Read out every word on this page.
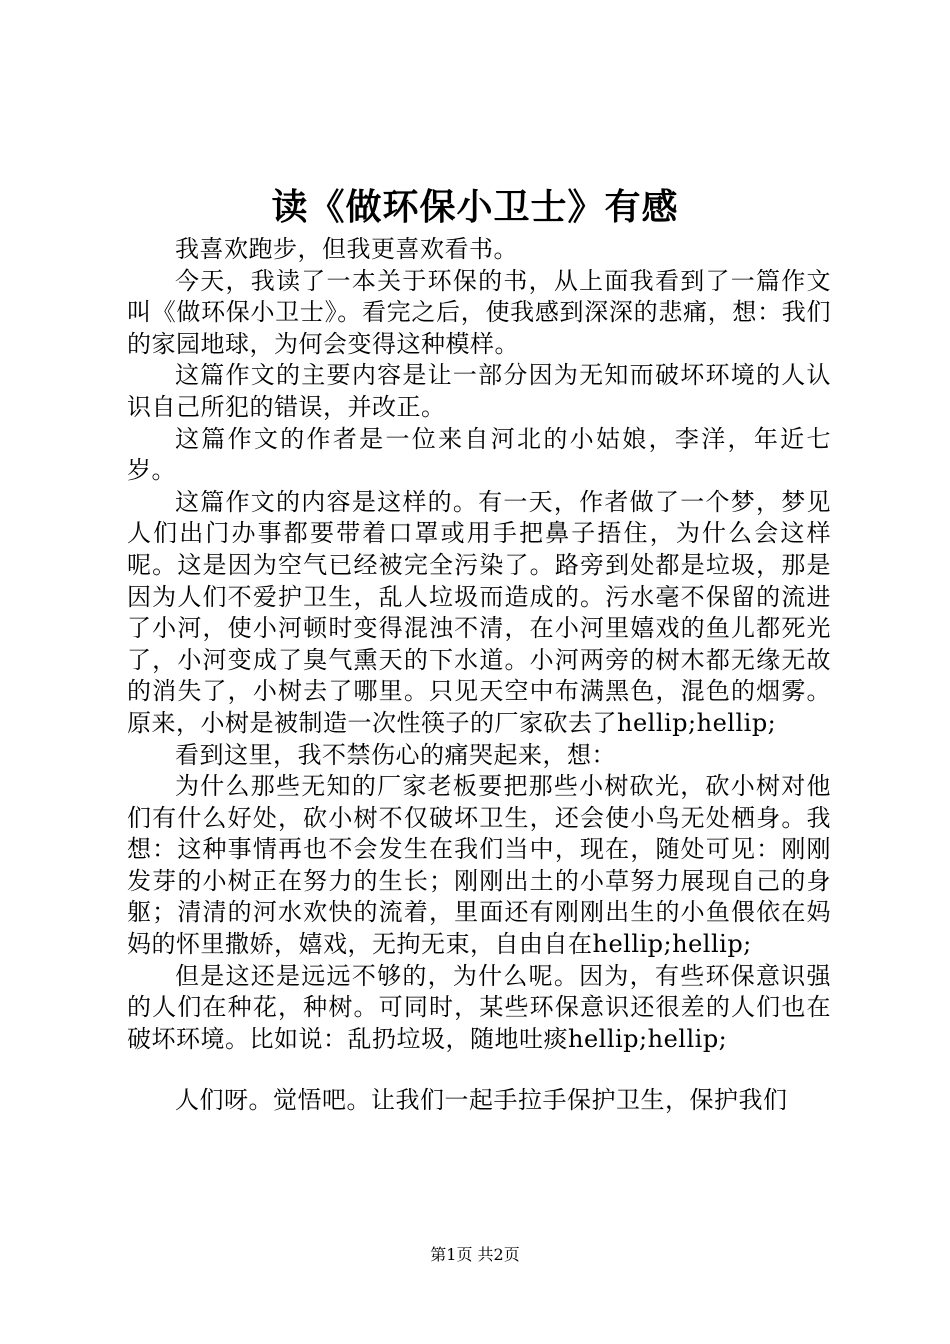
读《做环保小卫士》有感

我喜欢跑步，但我更喜欢看书。

今天，我读了一本关于环保的书，从上面我看到了一篇作文叫《做环保小卫士》。看完之后，使我感到深深的悲痛，想：我们的家园地球，为何会变得这种模样。

这篇作文的主要内容是让一部分因为无知而破坏环境的人认识自己所犯的错误，并改正。

这篇作文的作者是一位来自河北的小姑娘，李洋，年近七岁。

这篇作文的内容是这样的。有一天，作者做了一个梦，梦见人们出门办事都要带着口罩或用手把鼻子捂住，为什么会这样呢。这是因为空气已经被完全污染了。路旁到处都是垃圾，那是因为人们不爱护卫生，乱人垃圾而造成的。污水毫不保留的流进了小河，使小河顿时变得混浊不清，在小河里嬉戏的鱼儿都死光了，小河变成了臭气熏天的下水道。小河两旁的树木都无缘无故的消失了，小树去了哪里。只见天空中布满黑色，混色的烟雾。原来，小树是被制造一次性筷子的厂家砍去了hellip;hellip;

看到这里，我不禁伤心的痛哭起来，想：

为什么那些无知的厂家老板要把那些小树砍光，砍小树对他们有什么好处，砍小树不仅破坏卫生，还会使小鸟无处栖身。我想：这种事情再也不会发生在我们当中，现在，随处可见：刚刚发芽的小树正在努力的生长；刚刚出土的小草努力展现自己的身躯；清清的河水欢快的流着，里面还有刚刚出生的小鱼偎依在妈妈的怀里撒娇，嬉戏，无拘无束，自由自在hellip;hellip;

但是这还是远远不够的，为什么呢。因为，有些环保意识强的人们在种花，种树。可同时，某些环保意识还很差的人们也在破坏环境。比如说：乱扔垃圾，随地吐痰hellip;hellip;

人们呀。觉悟吧。让我们一起手拉手保护卫生，保护我们

第1页 共2页
